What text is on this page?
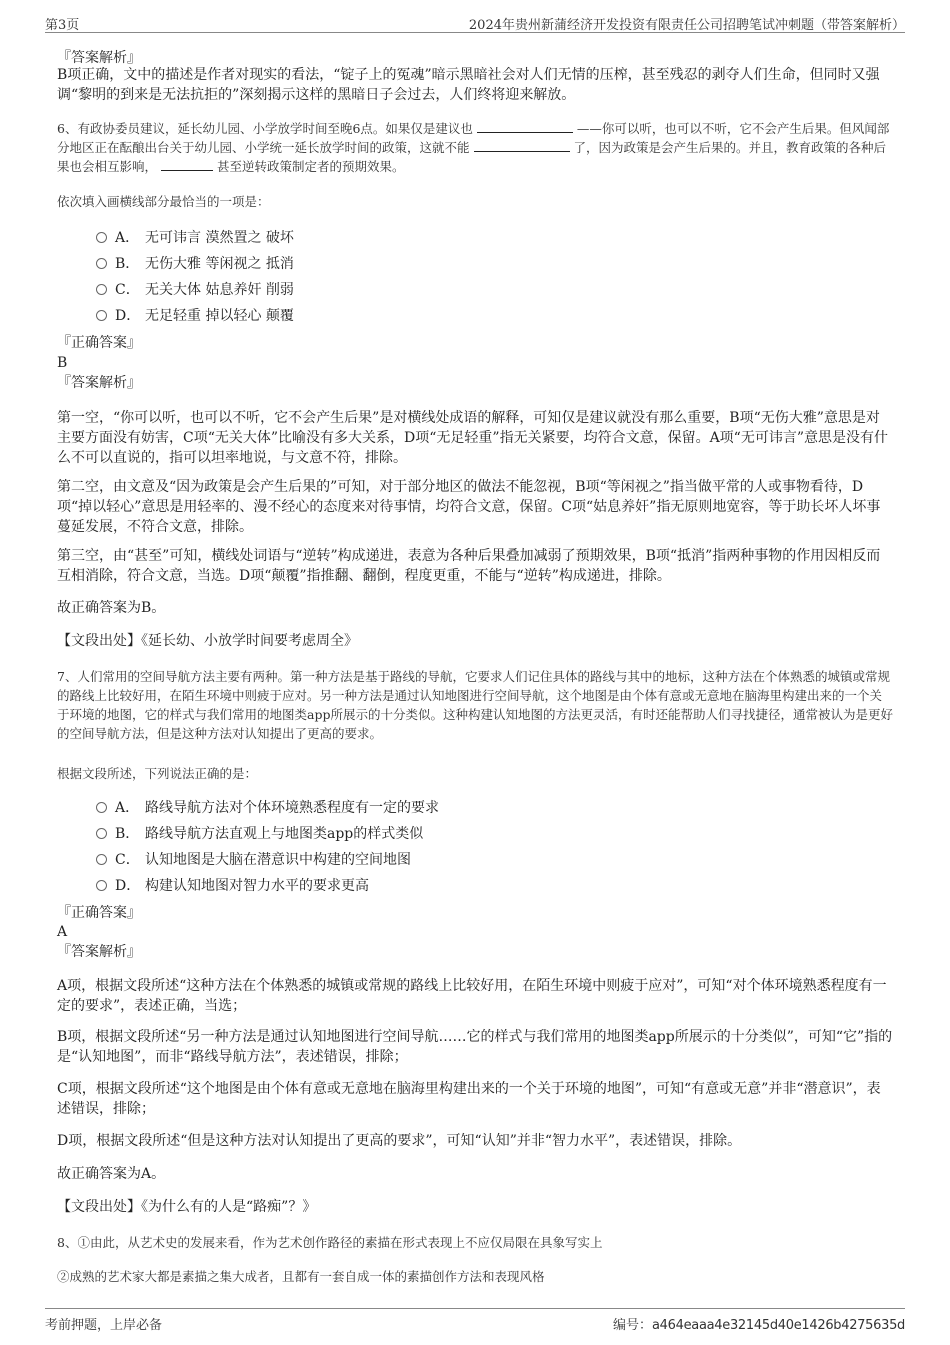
第3页	2024年贵州新蒲经济开发投资有限责任公司招聘笔试冲刺题（带答案解析）

『答案解析』

B项正确，文中的描述是作者对现实的看法，“锭子上的冤魂”暗示黑暗社会对人们无情的压榨，甚至残忍的剥夺人们生命，但同时又强调“黎明的到来是无法抗拒的”深刻揭示这样的黑暗日子会过去，人们终将迎来解放。

6、有政协委员建议，延长幼儿园、小学放学时间至晚6点。如果仅是建议也	——你可以听，也可以不听，它不会产生后果。但风闻部分地区正在酝酿出台关于幼儿园、小学统一延长放学时间的政策，这就不能	了，因为政策是会产生后果的。并且，教育政策的各种后果也会相互影响，	甚至逆转政策制定者的预期效果。

依次填入画横线部分最恰当的一项是：

A． 无可讳言 漠然置之 破坏
B． 无伤大雅 等闲视之 抵消
C． 无关大体 姑息养奸 削弱
D． 无足轻重 掉以轻心 颠覆

『正确答案』

B

『答案解析』

第一空，“你可以听，也可以不听，它不会产生后果”是对横线处成语的解释，可知仅是建议就没有那么重要，B项“无伤大雅”意思是对主要方面没有妨害，C项“无关大体”比喻没有多大关系，D项“无足轻重”指无关紧要，均符合文意，保留。A项“无可讳言”意思是没有什么不可以直说的，指可以坦率地说，与文意不符，排除。

第二空，由文意及“因为政策是会产生后果的”可知，对于部分地区的做法不能忽视，B项“等闲视之”指当做平常的人或事物看待，D项“掉以轻心”意思是用轻率的、漫不经心的态度来对待事情，均符合文意，保留。C项“姑息养奸”指无原则地宽容，等于助长坏人坏事蔓延发展，不符合文意，排除。

第三空，由“甚至”可知，横线处词语与“逆转”构成递进，表意为各种后果叠加减弱了预期效果，B项“抵消”指两种事物的作用因相反而互相消除，符合文意，当选。D项“颠覆”指推翻、翻倒，程度更重，不能与“逆转”构成递进，排除。

故正确答案为B。

【文段出处】《延长幼、小放学时间要考虑周全》

7、人们常用的空间导航方法主要有两种。第一种方法是基于路线的导航，它要求人们记住具体的路线与其中的地标，这种方法在个体熟悉的城镇或常规的路线上比较好用，在陌生环境中则疲于应对。另一种方法是通过认知地图进行空间导航，这个地图是由个体有意或无意地在脑海里构建出来的一个关于环境的地图，它的样式与我们常用的地图类app所展示的十分类似。这种构建认知地图的方法更灵活，有时还能帮助人们寻找捷径，通常被认为是更好的空间导航方法，但是这种方法对认知提出了更高的要求。

根据文段所述，下列说法正确的是：

A． 路线导航方法对个体环境熟悉程度有一定的要求
B． 路线导航方法直观上与地图类app的样式类似
C． 认知地图是大脑在潜意识中构建的空间地图
D． 构建认知地图对智力水平的要求更高

『正确答案』

A

『答案解析』

A项，根据文段所述“这种方法在个体熟悉的城镇或常规的路线上比较好用，在陌生环境中则疲于应对”，可知“对个体环境熟悉程度有一定的要求”，表述正确，当选；

B项，根据文段所述“另一种方法是通过认知地图进行空间导航……它的样式与我们常用的地图类app所展示的十分类似”，可知“它”指的是“认知地图”，而非“路线导航方法”，表述错误，排除；

C项，根据文段所述“这个地图是由个体有意或无意地在脑海里构建出来的一个关于环境的地图”，可知“有意或无意”并非“潜意识”，表述错误，排除；

D项，根据文段所述“但是这种方法对认知提出了更高的要求”，可知“认知”并非“智力水平”，表述错误，排除。

故正确答案为A。

【文段出处】《为什么有的人是“路痴”？》

8、①由此，从艺术史的发展来看，作为艺术创作路径的素描在形式表现上不应仅局限在具象写实上

②成熟的艺术家大都是素描之集大成者，且都有一套自成一体的素描创作方法和表现风格

考前押题，上岸必备	编号：a464eaaa4e32145d40e1426b4275635d
